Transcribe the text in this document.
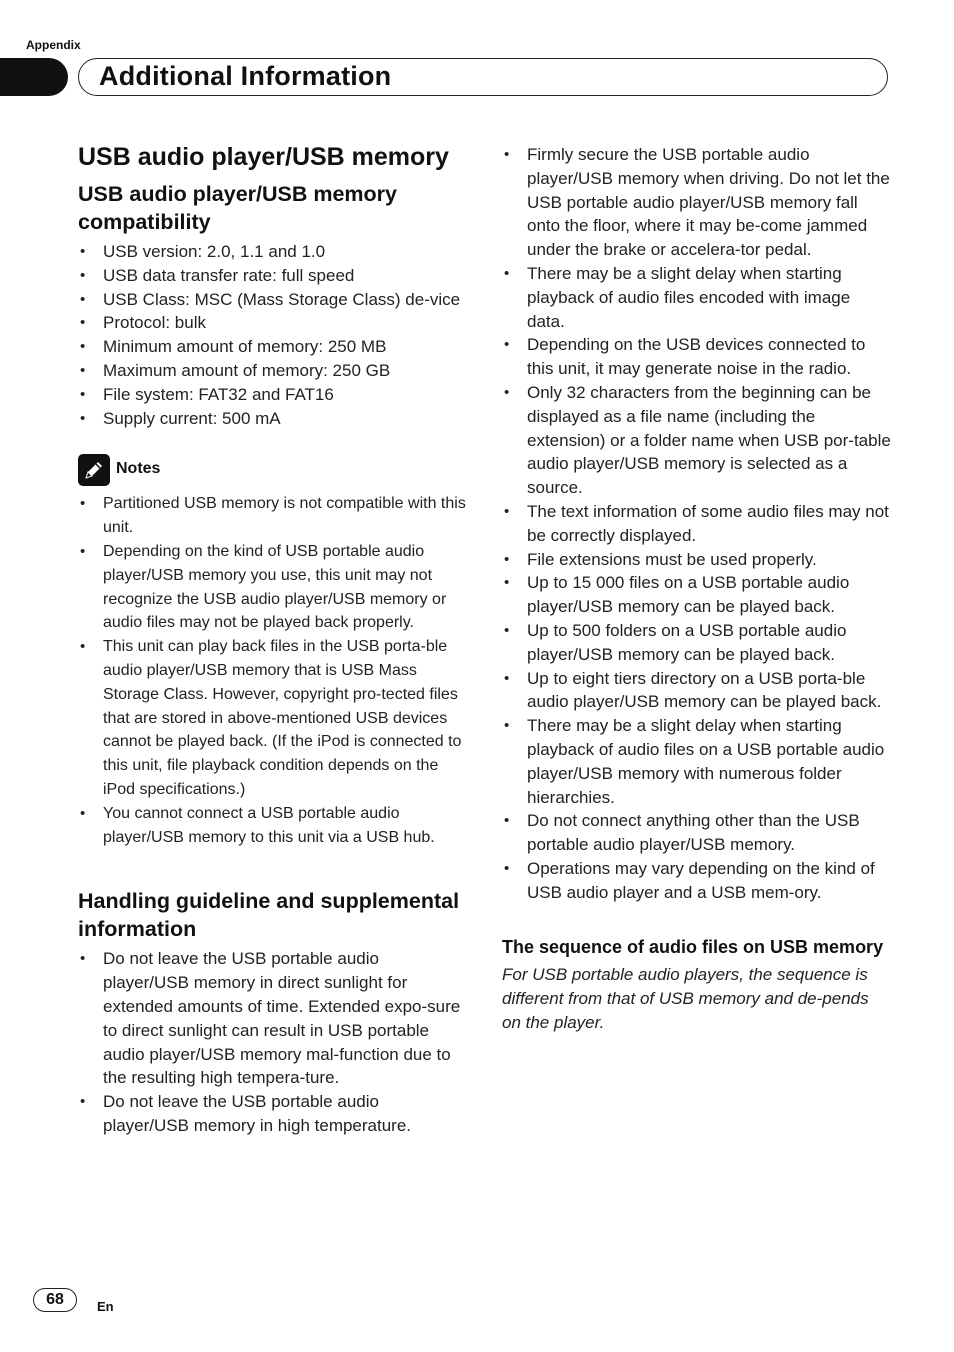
Appendix
Additional Information
USB audio player/USB memory
USB audio player/USB memory compatibility
• USB version: 2.0, 1.1 and 1.0
• USB data transfer rate: full speed
• USB Class: MSC (Mass Storage Class) de-vice
• Protocol: bulk
• Minimum amount of memory: 250 MB
• Maximum amount of memory: 250 GB
• File system: FAT32 and FAT16
• Supply current: 500 mA
Notes
• Partitioned USB memory is not compatible with this unit.
• Depending on the kind of USB portable audio player/USB memory you use, this unit may not recognize the USB audio player/USB memory or audio files may not be played back properly.
• This unit can play back files in the USB porta-ble audio player/USB memory that is USB Mass Storage Class. However, copyright pro-tected files that are stored in above-mentioned USB devices cannot be played back. (If the iPod is connected to this unit, file playback condition depends on the iPod specifications.)
• You cannot connect a USB portable audio player/USB memory to this unit via a USB hub.
Handling guideline and supplemental information
• Do not leave the USB portable audio player/USB memory in direct sunlight for extended amounts of time. Extended expo-sure to direct sunlight can result in USB portable audio player/USB memory mal-function due to the resulting high tempera-ture.
• Do not leave the USB portable audio player/USB memory in high temperature.
• Firmly secure the USB portable audio player/USB memory when driving. Do not let the USB portable audio player/USB memory fall onto the floor, where it may be-come jammed under the brake or accelera-tor pedal.
• There may be a slight delay when starting playback of audio files encoded with image data.
• Depending on the USB devices connected to this unit, it may generate noise in the radio.
• Only 32 characters from the beginning can be displayed as a file name (including the extension) or a folder name when USB por-table audio player/USB memory is selected as a source.
• The text information of some audio files may not be correctly displayed.
• File extensions must be used properly.
• Up to 15 000 files on a USB portable audio player/USB memory can be played back.
• Up to 500 folders on a USB portable audio player/USB memory can be played back.
• Up to eight tiers directory on a USB porta-ble audio player/USB memory can be played back.
• There may be a slight delay when starting playback of audio files on a USB portable audio player/USB memory with numerous folder hierarchies.
• Do not connect anything other than the USB portable audio player/USB memory.
• Operations may vary depending on the kind of USB audio player and a USB mem-ory.
The sequence of audio files on USB memory

For USB portable audio players, the sequence is different from that of USB memory and de-pends on the player.

68	En
